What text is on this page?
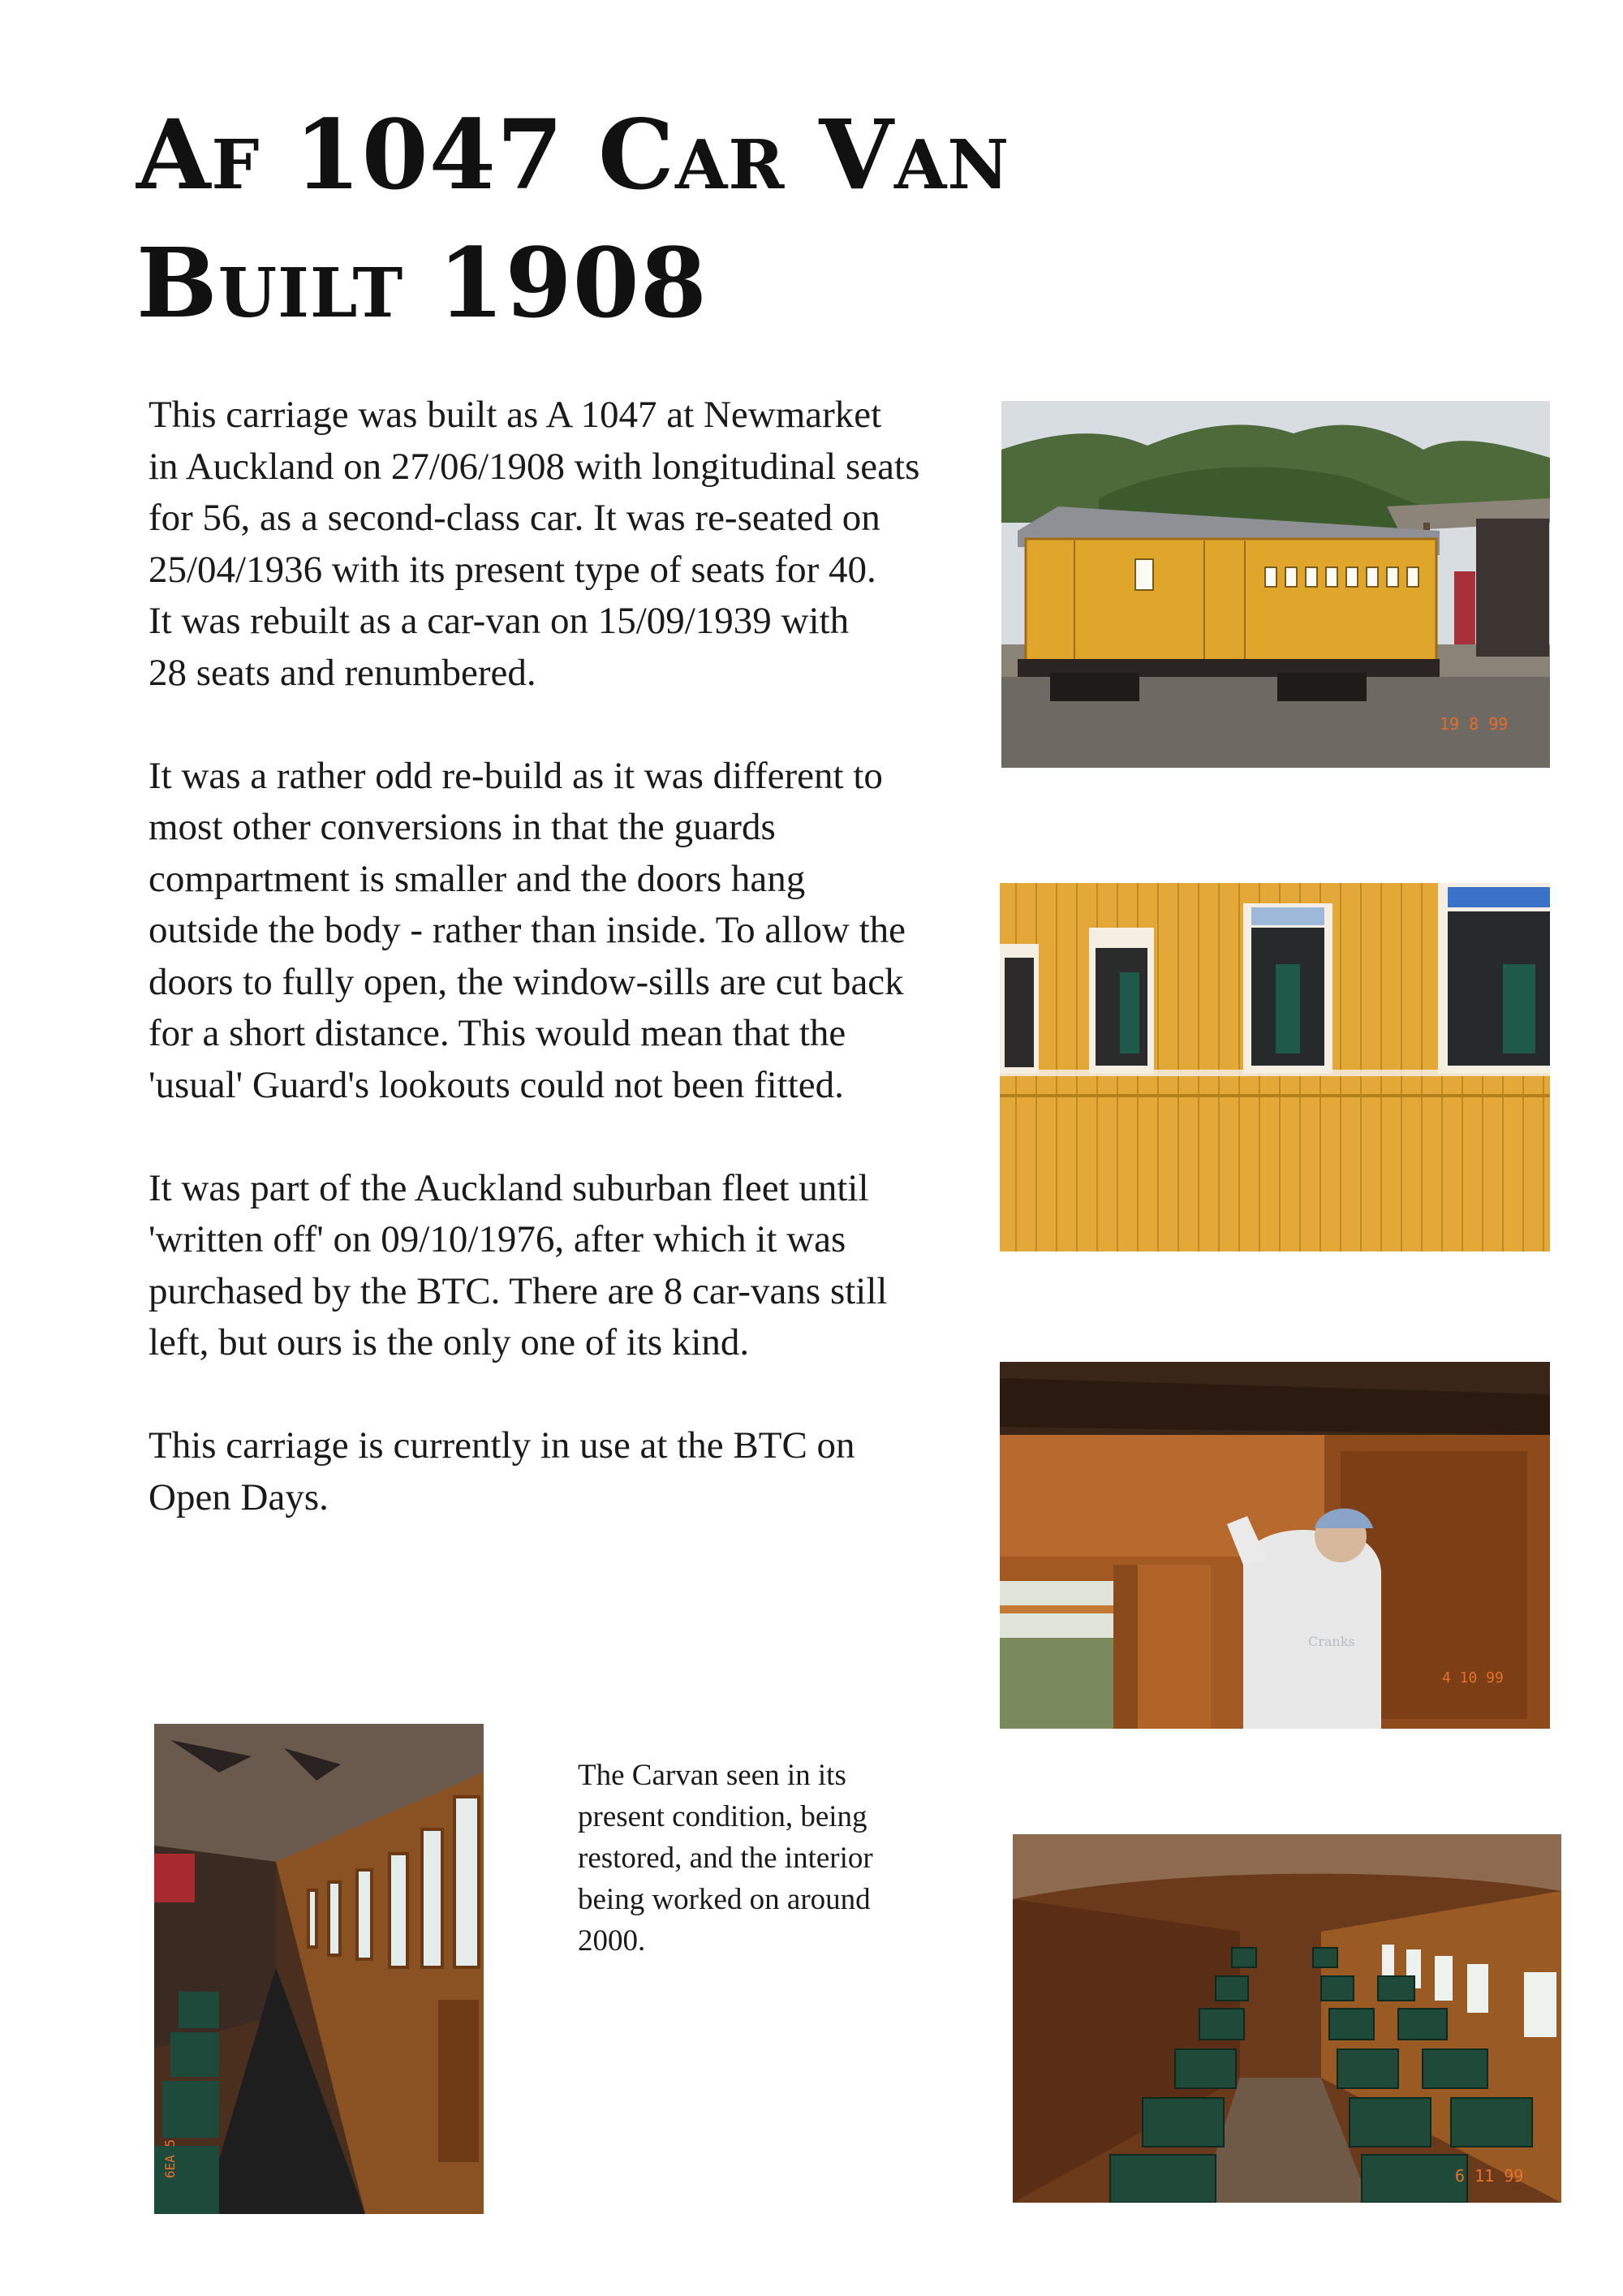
Af 1047 Car Van
Built 1908

This carriage was built as A 1047 at Newmarket
in Auckland on 27/06/1908 with longitudinal seats
for 56, as a second-class car. It was re-seated on
25/04/1936 with its present type of seats for 40.
It was rebuilt as a car-van on 15/09/1939 with
28 seats and renumbered.

It was a rather odd re-build as it was different to
most other conversions in that the guards
compartment is smaller and the doors hang
outside the body - rather than inside. To allow the
doors to fully open, the window-sills are cut back
for a short distance. This would mean that the
'usual' Guard's lookouts could not been fitted.

It was part of the Auckland suburban fleet until
'written off' on 09/10/1976, after which it was
purchased by the BTC. There are 8 car-vans still
left, but ours is the only one of its kind.

This carriage is currently in use at the BTC on
Open Days.

The Carvan seen in its
present condition, being
restored, and the interior
being worked on around
2000.
19 8 99
Cranks
4 10 99
6EA 5	6 11 99
